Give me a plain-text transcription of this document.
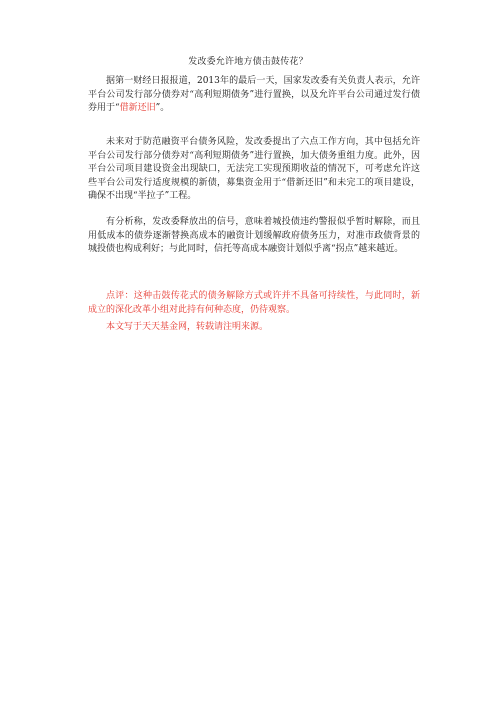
发改委允许地方债击鼓传花？

据第一财经日报报道，2013年的最后一天，国家发改委有关负责人表示，允许平台公司发行部分债券对“高利短期债务”进行置换，以及允许平台公司通过发行债券用于“借新还旧”。

未来对于防范融资平台债务风险，发改委提出了六点工作方向，其中包括允许平台公司发行部分债券对“高利短期债务”进行置换，加大债务重组力度。此外，因平台公司项目建设资金出现缺口，无法完工实现预期收益的情况下，可考虑允许这些平台公司发行适度规模的新债，募集资金用于“借新还旧”和未完工的项目建设，确保不出现“半拉子”工程。

有分析称，发改委释放出的信号，意味着城投债违约警报似乎暂时解除，而且用低成本的债券逐渐替换高成本的融资计划缓解政府债务压力，对准市政债背景的城投债也构成利好；与此同时，信托等高成本融资计划似乎离“拐点”越来越近。

点评：这种击鼓传花式的债务解除方式或许并不具备可持续性，与此同时，新成立的深化改革小组对此持有何种态度，仍待观察。

本文写于天天基金网，转载请注明来源。
